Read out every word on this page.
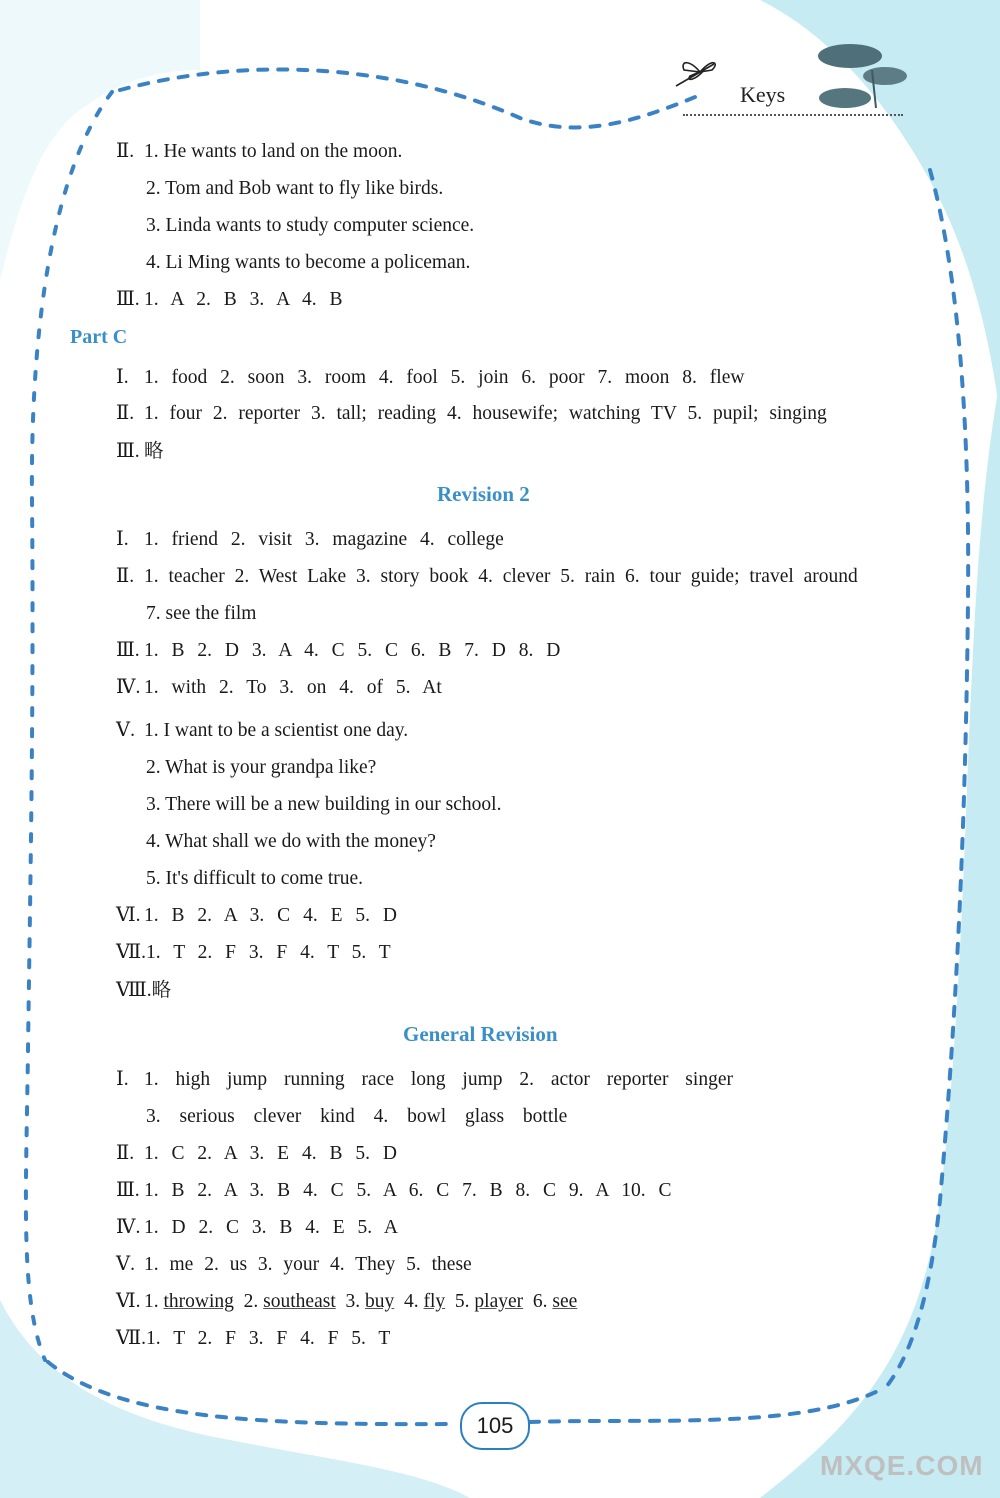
Keys
Ⅱ. 1. He wants to land on the moon.
2. Tom and Bob want to fly like birds.
3. Linda wants to study computer science.
4. Li Ming wants to become a policeman.
Ⅲ. 1. A 2. B 3. A 4. B
Part C
Ⅰ. 1. food 2. soon 3. room 4. fool 5. join 6. poor 7. moon 8. flew
Ⅱ. 1. four 2. reporter 3. tall; reading 4. housewife; watching TV 5. pupil; singing
Ⅲ. 略
Revision 2
Ⅰ. 1. friend 2. visit 3. magazine 4. college
Ⅱ. 1. teacher 2. West Lake 3. story book 4. clever 5. rain 6. tour guide; travel around
7. see the film
Ⅲ. 1. B 2. D 3. A 4. C 5. C 6. B 7. D 8. D
Ⅳ. 1. with 2. To 3. on 4. of 5. At
Ⅴ. 1. I want to be a scientist one day.
2. What is your grandpa like?
3. There will be a new building in our school.
4. What shall we do with the money?
5. It's difficult to come true.
Ⅵ. 1. B 2. A 3. C 4. E 5. D
Ⅶ.1. T 2. F 3. F 4. T 5. T
Ⅷ.略
General Revision
Ⅰ. 1. high jump running race long jump 2. actor reporter singer
3. serious clever kind 4. bowl glass bottle
Ⅱ. 1. C 2. A 3. E 4. B 5. D
Ⅲ. 1. B 2. A 3. B 4. C 5. A 6. C 7. B 8. C 9. A 10. C
Ⅳ. 1. D 2. C 3. B 4. E 5. A
Ⅴ. 1. me 2. us 3. your 4. They 5. these
Ⅵ. 1. throwing 2. southeast 3. buy 4. fly 5. player 6. see
Ⅶ.1. T 2. F 3. F 4. F 5. T
105
MXQE.COM
